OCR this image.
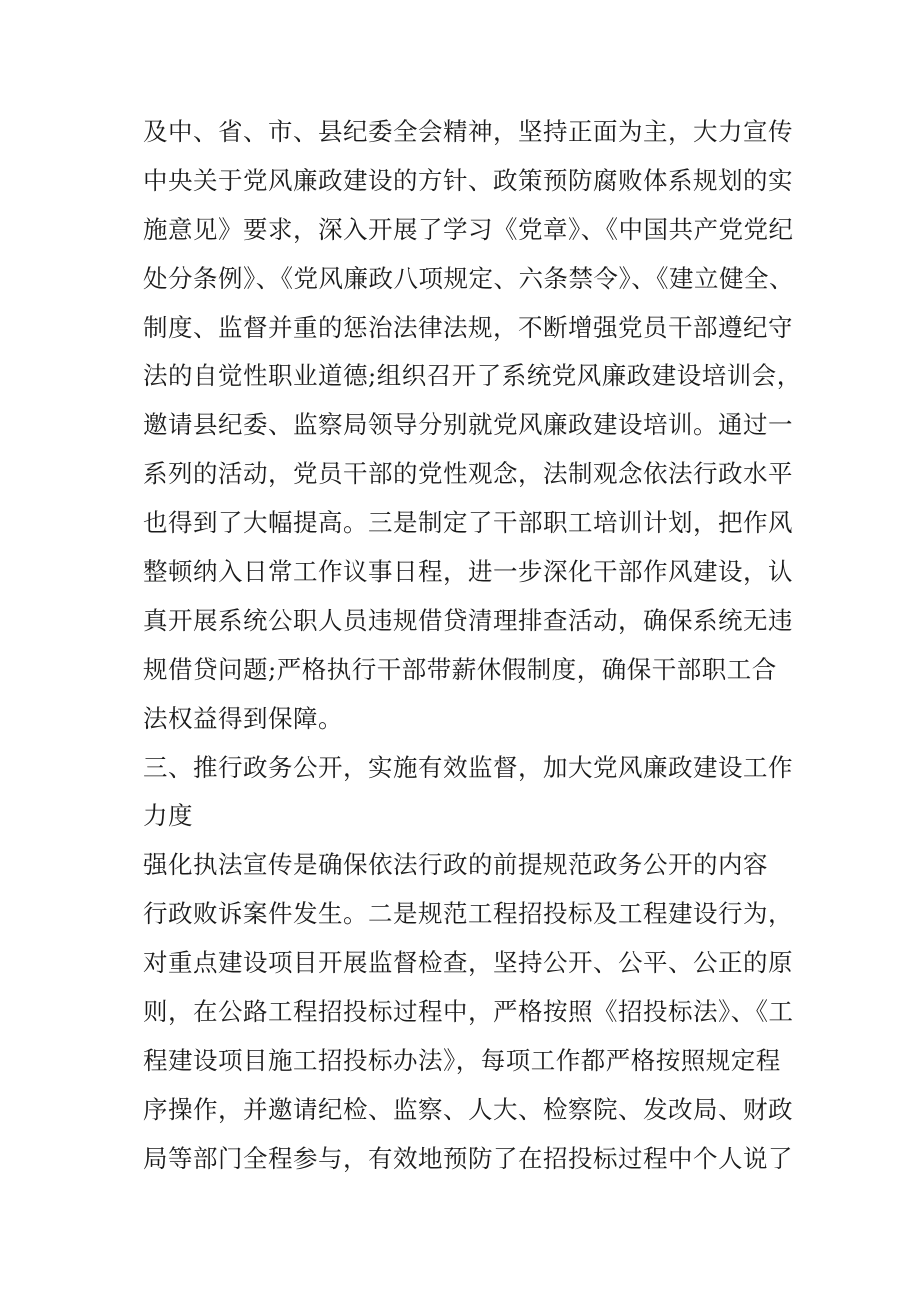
及中、省、市、县纪委全会精神，坚持正面为主，大力宣传
中央关于党风廉政建设的方针、政策预防腐败体系规划的实
施意见》要求，深入开展了学习《党章》、《中国共产党党纪
处分条例》、《党风廉政八项规定、六条禁令》、《建立健全、
制度、监督并重的惩治法律法规，不断增强党员干部遵纪守
法的自觉性职业道德;组织召开了系统党风廉政建设培训会，
邀请县纪委、监察局领导分别就党风廉政建设培训。通过一
系列的活动，党员干部的党性观念，法制观念依法行政水平
也得到了大幅提高。三是制定了干部职工培训计划，把作风
整顿纳入日常工作议事日程，进一步深化干部作风建设，认
真开展系统公职人员违规借贷清理排查活动，确保系统无违
规借贷问题;严格执行干部带薪休假制度，确保干部职工合
法权益得到保障。
三、推行政务公开，实施有效监督，加大党风廉政建设工作
力度
强化执法宣传是确保依法行政的前提规范政务公开的内容
行政败诉案件发生。二是规范工程招投标及工程建设行为，
对重点建设项目开展监督检查，坚持公开、公平、公正的原
则，在公路工程招投标过程中，严格按照《招投标法》、《工
程建设项目施工招投标办法》，每项工作都严格按照规定程
序操作，并邀请纪检、监察、人大、检察院、发改局、财政
局等部门全程参与，有效地预防了在招投标过程中个人说了
